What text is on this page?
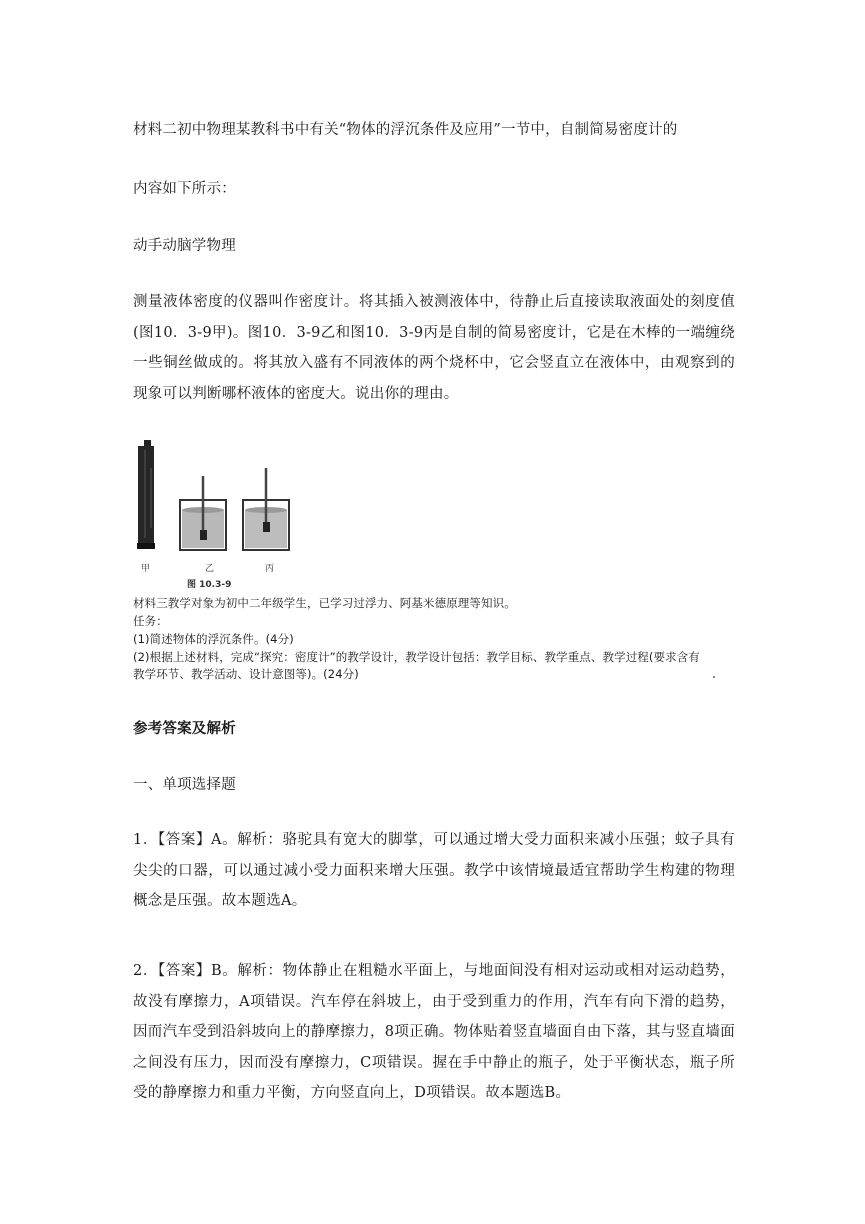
材料二初中物理某教科书中有关“物体的浮沉条件及应用”一节中，自制简易密度计的
内容如下所示：
动手动脑学物理
测量液体密度的仪器叫作密度计。将其插入被测液体中，待静止后直接读取液面处的刻度值(图10．3-9甲)。图10．3-9乙和图10．3-9丙是自制的简易密度计，它是在木棒的一端缠绕一些铜丝做成的。将其放入盛有不同液体的两个烧杯中，它会竖直立在液体中，由观察到的现象可以判断哪杯液体的密度大。说出你的理由。
甲	乙	丙
图 10.3-9
材料三教学对象为初中二年级学生，已学习过浮力、阿基米德原理等知识。
任务：
(1)简述物体的浮沉条件。(4分)
(2)根据上述材料，完成“探究：密度计”的教学设计，教学设计包括：教学目标、教学重点、教学过程(要求含有
教学环节、教学活动、设计意图等)。(24分)
参考答案及解析
一、单项选择题
1．【答案】A。解析：骆驼具有宽大的脚掌，可以通过增大受力面积来减小压强；蚊子具有尖尖的口器，可以通过减小受力面积来增大压强。教学中该情境最适宜帮助学生构建的物理概念是压强。故本题选A。
2．【答案】B。解析：物体静止在粗糙水平面上，与地面间没有相对运动或相对运动趋势，故没有摩擦力，A项错误。汽车停在斜坡上，由于受到重力的作用，汽车有向下滑的趋势，因而汽车受到沿斜坡向上的静摩擦力，8项正确。物体贴着竖直墙面自由下落，其与竖直墙面之间没有压力，因而没有摩擦力，C项错误。握在手中静止的瓶子，处于平衡状态，瓶子所受的静摩擦力和重力平衡，方向竖直向上，D项错误。故本题选B。
